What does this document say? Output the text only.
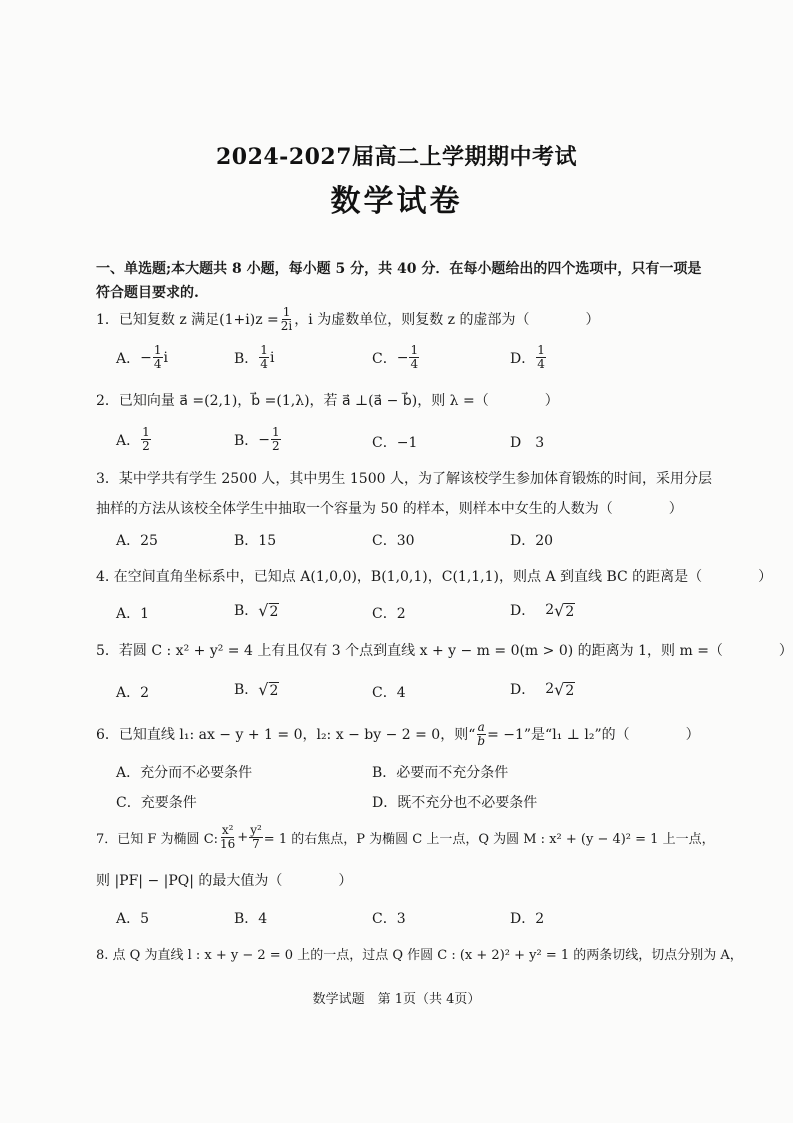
2024-2027届高二上学期期中考试
数学试卷
一、单选题;本大题共 8 小题，每小题 5 分，共 40 分．在每小题给出的四个选项中，只有一项是
符合题目要求的.
1．已知复数 z 满足$(1+i)z = \frac{1}{2i}$ ，i 为虚数单位，则复数 z 的虚部为（　　　　）
A． − $\frac{1}{4}$ i	B． $\frac{1}{4}$ i	C． − $\frac{1}{4}$	D． $\frac{1}{4}$
2．已知向量 a⃗ =(2,1)，b⃗ =(1,λ)，若 a⃗ ⊥(a⃗ − b⃗)，则 λ =（　　　　）
A． $\frac{1}{2}$	B． − $\frac{1}{2}$	C．−1	D　3
3．某中学共有学生 2500 人，其中男生 1500 人，为了解该校学生参加体育锻炼的时间，采用分层
抽样的方法从该校全体学生中抽取一个容量为 50 的样本，则样本中女生的人数为（　　　　）
A．25	B．15	C．30	D．20
4. 在空间直角坐标系中，已知点 A(1,0,0)，B(1,0,1)，C(1,1,1)，则点 A 到直线 BC 的距离是（　　　　）
A．1	B． √ 2	C．2	D． 2 √ 2
5．若圆 C : x² + y² = 4 上有且仅有 3 个点到直线 x + y − m = 0(m > 0) 的距离为 1，则 m =（　　　　）
A．2	B． √ 2	C．4	D． 2 √ 2
6．已知直线 l₁: ax − y + 1 = 0，l₂: x − by − 2 = 0，则“ $\frac{a}{b} = -1$”是“l₁ ⊥ l₂”的（　　　　）
A．充分而不必要条件	B．必要而不充分条件
C．充要条件	D．既不充分也不必要条件
7．已知 F 为椭圆 C: $\frac{\text{x²}}{16} + \frac{\text{y²}}{7} = 1$ 的右焦点，P 为椭圆 C 上一点，Q 为圆 M : x² + (y − 4)² = 1 上一点，
则 |PF| − |PQ| 的最大值为（　　　　）
A．5	B．4	C．3	D．2
8. 点 Q 为直线 l : x + y − 2 = 0 上的一点，过点 Q 作圆 C : (x + 2)² + y² = 1 的两条切线，切点分别为 A，
数学试题　第 1页（共 4页）
